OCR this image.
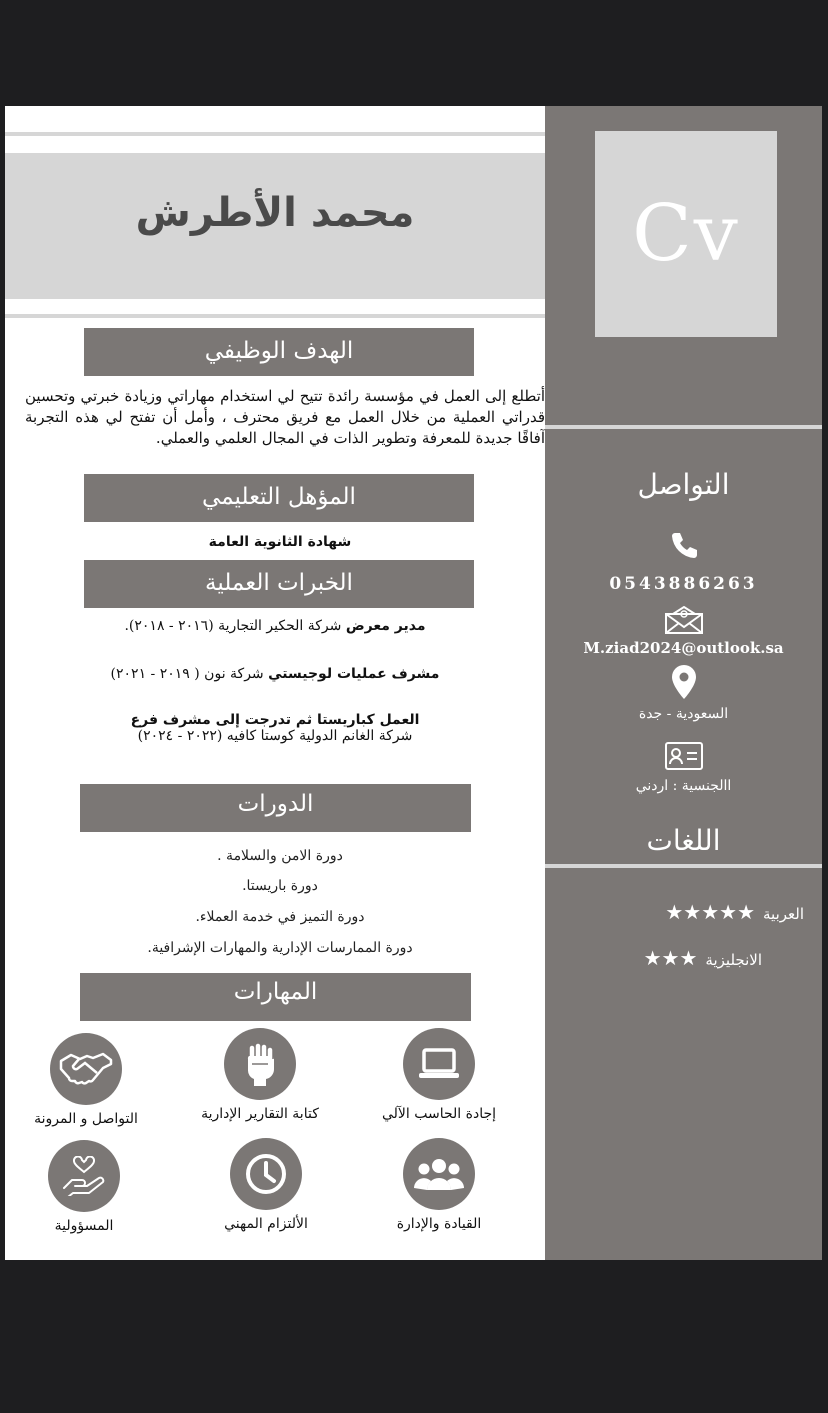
محمد الأطرش
الهدف الوظيفي
أتطلع إلى العمل في مؤسسة رائدة تتيح لي استخدام مهاراتي وزيادة خبرتي وتحسين قدراتي العملية من خلال العمل مع فريق محترف ، وأمل أن تفتح لي هذه التجربة آفاقًا جديدة للمعرفة وتطوير الذات في المجال العلمي والعملي.
المؤهل التعليمي
شهادة الثانوية العامة
الخبرات العملية
مدير معرض شركة الحكير التجارية (٢٠١٦ - ٢٠١٨).
مشرف عمليات لوجيستي شركة نون ( ٢٠١٩ - ٢٠٢١)
العمل كباريستا ثم تدرجت إلى مشرف فرع
شركة الغانم الدولية كوستا كافيه (٢٠٢٢ - ٢٠٢٤)
الدورات
دورة الامن والسلامة .
دورة باريستا.
دورة التميز في خدمة العملاء.
دورة الممارسات الإدارية والمهارات الإشرافية.
المهارات
إجادة الحاسب الآلي
كتابة التقارير الإدارية
التواصل و المرونة
القيادة والإدارة
الألتزام المهني
المسؤولية
Cv
التواصل
0543886263
M.ziad2024@outlook.sa
السعودية - جدة
االجنسية : اردني
اللغات
العربية★★★★★
الانجليزية★★★
